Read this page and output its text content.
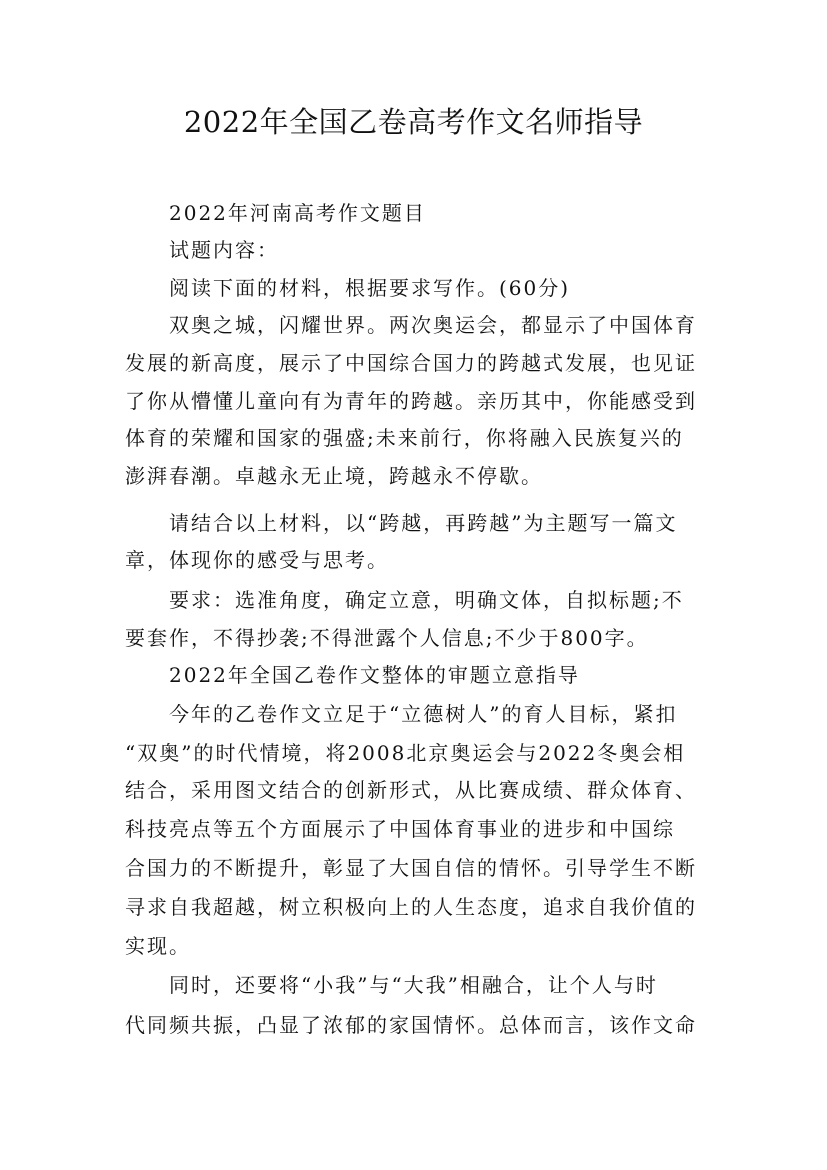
2022年全国乙卷高考作文名师指导
2022年河南高考作文题目
试题内容：
阅读下面的材料，根据要求写作。(60分)
双奥之城，闪耀世界。两次奥运会，都显示了中国体育
发展的新高度，展示了中国综合国力的跨越式发展，也见证
了你从懵懂儿童向有为青年的跨越。亲历其中，你能感受到
体育的荣耀和国家的强盛;未来前行，你将融入民族复兴的
澎湃春潮。卓越永无止境，跨越永不停歇。
请结合以上材料，以“跨越，再跨越”为主题写一篇文
章，体现你的感受与思考。
要求：选准角度，确定立意，明确文体，自拟标题;不
要套作，不得抄袭;不得泄露个人信息;不少于800字。
2022年全国乙卷作文整体的审题立意指导
今年的乙卷作文立足于“立德树人”的育人目标，紧扣
“双奥”的时代情境，将2008北京奥运会与2022冬奥会相
结合，采用图文结合的创新形式，从比赛成绩、群众体育、
科技亮点等五个方面展示了中国体育事业的进步和中国综
合国力的不断提升，彰显了大国自信的情怀。引导学生不断
寻求自我超越，树立积极向上的人生态度，追求自我价值的
实现。
同时，还要将“小我”与“大我”相融合，让个人与时
代同频共振，凸显了浓郁的家国情怀。总体而言，该作文命
